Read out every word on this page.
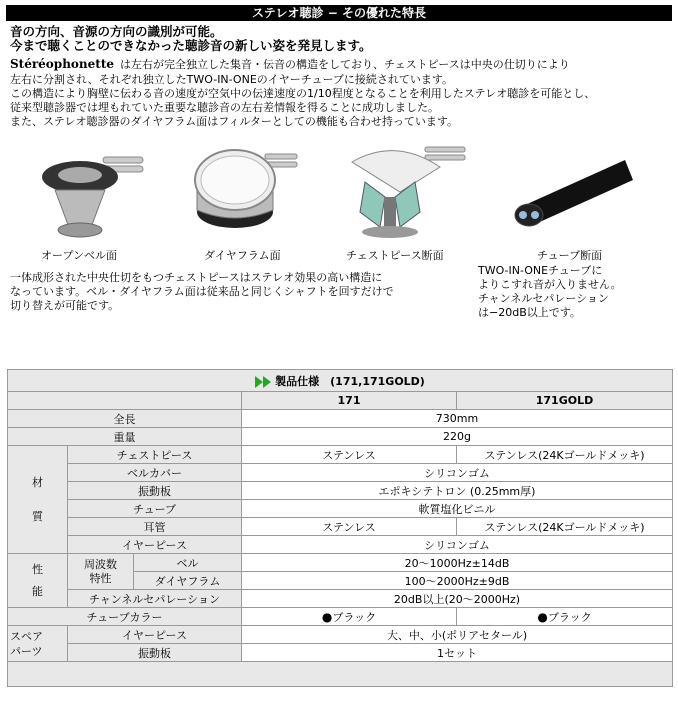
ステレオ聴診 − その優れた特長
音の方向、音源の方向の識別が可能。
今まで聴くことのできなかった聴診音の新しい姿を発見します。
Stéréophonette は左右が完全独立した集音・伝音の構造をしており、チェストピースは中央の仕切りにより
左右に分割され、それぞれ独立したTWO-IN-ONEのイヤーチューブに接続されています。
この構造により胸壁に伝わる音の速度が空気中の伝達速度の1/10程度となることを利用したステレオ聴診を可能とし、
従来型聴診器では埋もれていた重要な聴診音の左右差情報を得ることに成功しました。
また、ステレオ聴診器のダイヤフラム面はフィルターとしての機能も合わせ持っています。
オープンベル面	ダイヤフラム面	チェストピース断面	チューブ断面
一体成形された中央仕切をもつチェストピースはステレオ効果の高い構造に
なっています。ベル・ダイヤフラム面は従来品と同じくシャフトを回すだけで
切り替えが可能です。
TWO-IN-ONEチューブに
よりこすれ音が入りません。
チャンネルセパレーション
は−20dB以上です。
製品仕様　(171,171GOLD)				
			171	171GOLD
全長			730mm	
重量			220g	
材
質	チェストピース		ステンレス	ステンレス(24Kゴールドメッキ)
	ベルカバー		シリコンゴム	
	振動板		エポキシテトロン (0.25mm厚)	
	チューブ		軟質塩化ビニル	
	耳管		ステンレス	ステンレス(24Kゴールドメッキ)
	イヤーピース		シリコンゴム	
性
能	周波数
特性	ベル	20〜1000Hz±14dB	
		ダイヤフラム	100〜2000Hz±9dB	
	チャンネルセパレーション		20dB以上(20〜2000Hz)	
チューブカラー			●ブラック	●ブラック
スペア
パーツ	イヤーピース		大、中、小(ポリアセタール)	
	振動板		1セット	
